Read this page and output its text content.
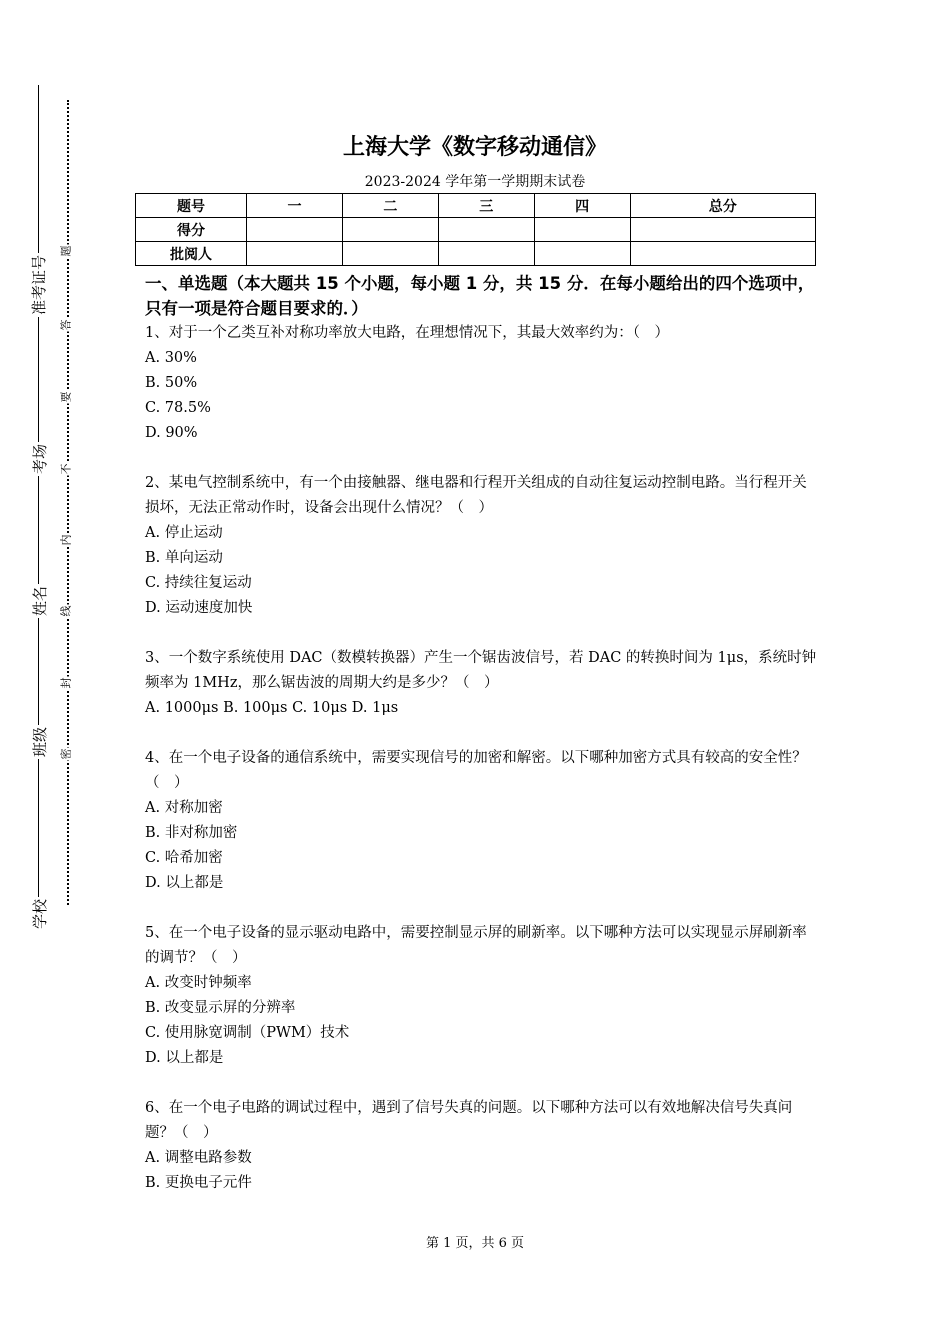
准考证号
考场
姓名
班级
学校
题
答
要
不
内
线
封
密
上海大学《数字移动通信》
2023-2024 学年第一学期期末试卷
题号	一	二	三	四	总分
得分					
批阅人					
一、单选题（本大题共 15 个小题，每小题 1 分，共 15 分．在每小题给出的四个选项中，只有一项是符合题目要求的．）

1、对于一个乙类互补对称功率放大电路，在理想情况下，其最大效率约为：（　）

A. 30%

B. 50%

C. 78.5%

D. 90%

2、某电气控制系统中，有一个由接触器、继电器和行程开关组成的自动往复运动控制电路。当行程开关损坏，无法正常动作时，设备会出现什么情况？（　）

A. 停止运动

B. 单向运动

C. 持续往复运动

D. 运动速度加快

3、一个数字系统使用 DAC（数模转换器）产生一个锯齿波信号，若 DAC 的转换时间为 1μs，系统时钟频率为 1MHz，那么锯齿波的周期大约是多少？（　）

A. 1000μs B. 100μs C. 10μs D. 1μs

4、在一个电子设备的通信系统中，需要实现信号的加密和解密。以下哪种加密方式具有较高的安全性？（　）

A. 对称加密

B. 非对称加密

C. 哈希加密

D. 以上都是

5、在一个电子设备的显示驱动电路中，需要控制显示屏的刷新率。以下哪种方法可以实现显示屏刷新率的调节？（　）

A. 改变时钟频率

B. 改变显示屏的分辨率

C. 使用脉宽调制（PWM）技术

D. 以上都是

6、在一个电子电路的调试过程中，遇到了信号失真的问题。以下哪种方法可以有效地解决信号失真问题？（　）

A. 调整电路参数

B. 更换电子元件

第 1 页，共 6 页
